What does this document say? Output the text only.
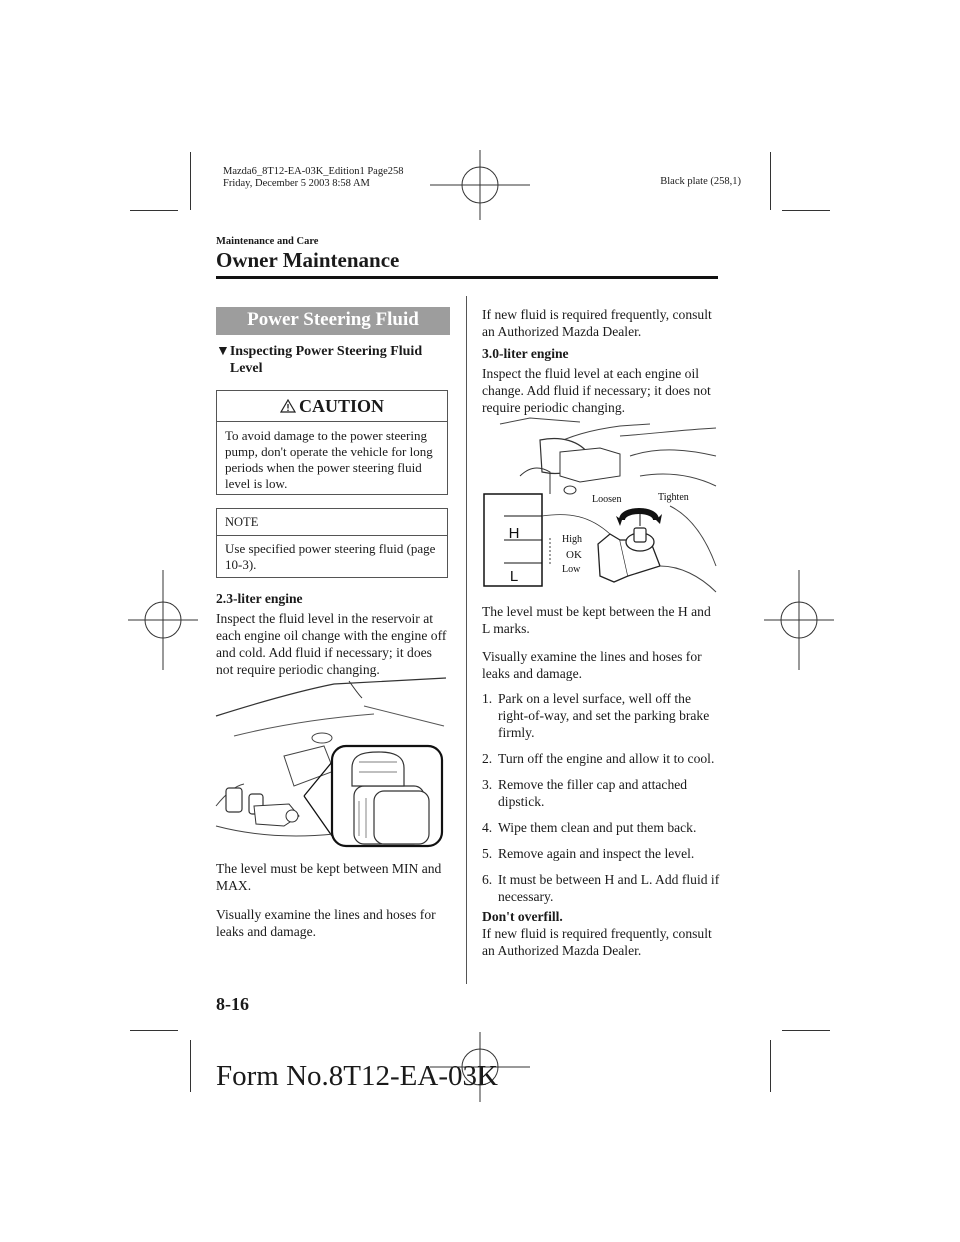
Mazda6_8T12-EA-03K_Edition1 Page258
Friday, December 5 2003 8:58 AM	Black plate (258,1)
Maintenance and Care
Owner Maintenance
Power Steering Fluid
▼Inspecting Power Steering Fluid Level
CAUTION
To avoid damage to the power steering pump, don't operate the vehicle for long periods when the power steering fluid level is low.
NOTE
Use specified power steering fluid (page 10-3).
2.3-liter engine
Inspect the fluid level in the reservoir at each engine oil change with the engine off and cold. Add fluid if necessary; it does not require periodic changing.
The level must be kept between MIN and MAX.
Visually examine the lines and hoses for leaks and damage.
If new fluid is required frequently, consult an Authorized Mazda Dealer.
3.0-liter engine
Inspect the fluid level at each engine oil change. Add fluid if necessary; it does not require periodic changing.
H
L
High
OK
Low
Loosen	Tighten
The level must be kept between the H and L marks.
Visually examine the lines and hoses for leaks and damage.
1. Park on a level surface, well off the right-of-way, and set the parking brake firmly.
2. Turn off the engine and allow it to cool.
3. Remove the filler cap and attached dipstick.
4. Wipe them clean and put them back.
5. Remove again and inspect the level.
6. It must be between H and L. Add fluid if necessary.
Don't overfill.
If new fluid is required frequently, consult an Authorized Mazda Dealer.
8-16
Form No.8T12-EA-03K
